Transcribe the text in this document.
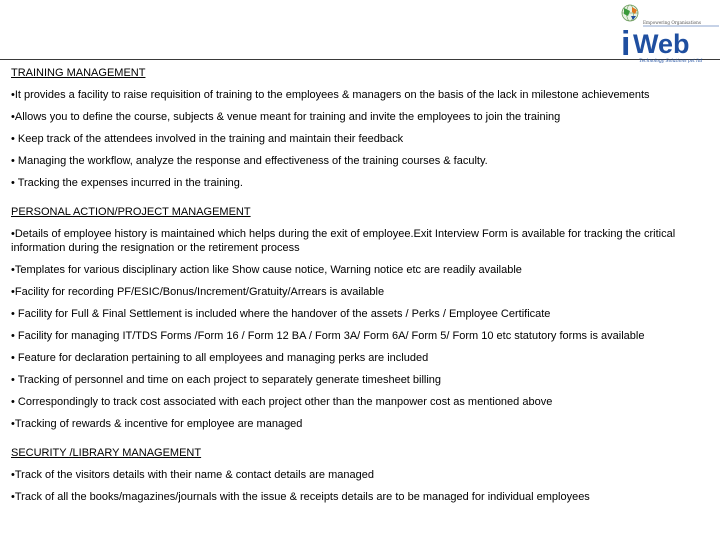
Empowering Organisations
i Web
Technology Solutions pvt ltd

TRAINING MANAGEMENT

•It provides a facility to raise requisition of training to the employees & managers on the basis of the lack in milestone achievements

•Allows you to define the course, subjects & venue meant for training and invite the employees to join the training

• Keep track of the attendees involved in the training and maintain their feedback

• Managing the workflow, analyze the response and effectiveness of the training courses & faculty.

• Tracking the expenses incurred in the training.

PERSONAL ACTION/PROJECT MANAGEMENT

•Details of employee history is maintained which helps during the exit of employee.Exit Interview Form is available for tracking the critical information during the resignation or the retirement process

•Templates for various disciplinary action like Show cause notice, Warning notice etc are readily available

•Facility for recording PF/ESIC/Bonus/Increment/Gratuity/Arrears is available

• Facility for Full & Final Settlement is included where the handover of the assets / Perks / Employee Certificate

• Facility for managing IT/TDS Forms /Form 16 / Form 12 BA / Form 3A/ Form 6A/ Form 5/ Form 10 etc statutory forms is available

• Feature for declaration pertaining to all employees and managing perks are included

• Tracking of personnel and time on each project to separately generate timesheet billing

• Correspondingly to track cost associated with each project other than the manpower cost as mentioned above

•Tracking of rewards & incentive for employee are managed

SECURITY /LIBRARY MANAGEMENT

•Track of the visitors details with their name & contact details are managed

•Track of all the books/magazines/journals with the issue & receipts details are to be managed for individual employees
